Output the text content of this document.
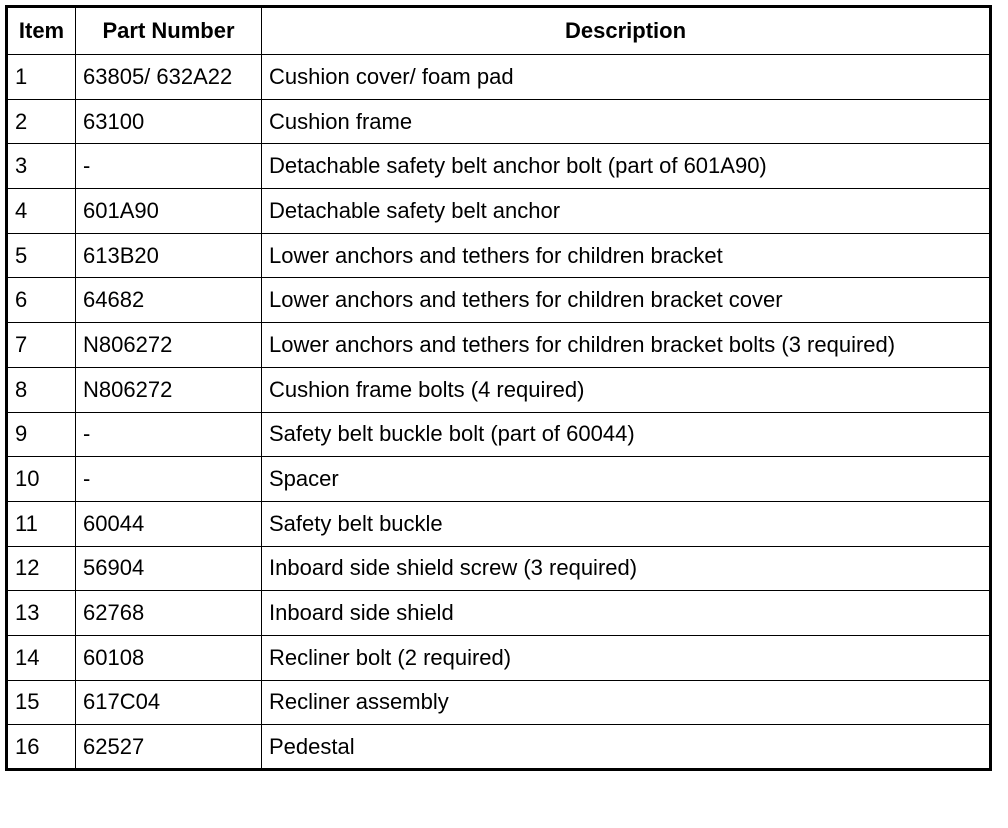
Item	Part Number	Description
1	63805/ 632A22	Cushion cover/ foam pad
2	63100	Cushion frame
3	-	Detachable safety belt anchor bolt (part of 601A90)
4	601A90	Detachable safety belt anchor
5	613B20	Lower anchors and tethers for children bracket
6	64682	Lower anchors and tethers for children bracket cover
7	N806272	Lower anchors and tethers for children bracket bolts (3 required)
8	N806272	Cushion frame bolts (4 required)
9	-	Safety belt buckle bolt (part of 60044)
10	-	Spacer
11	60044	Safety belt buckle
12	56904	Inboard side shield screw (3 required)
13	62768	Inboard side shield
14	60108	Recliner bolt (2 required)
15	617C04	Recliner assembly
16	62527	Pedestal
